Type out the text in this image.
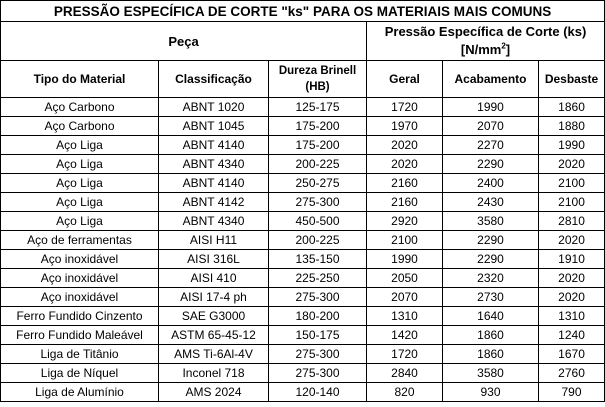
PRESSÃO ESPECÍFICA DE CORTE "ks" PARA OS MATERIAIS MAIS COMUNS					
Peça			Pressão Específica de Corte (ks)
$[N/mm^2]$		

Tipo do Material	Classificação	Dureza Brinell (HB)	Geral	Acabamento	Desbaste
Aço Carbono	ABNT 1020	125-175	1720	1990	1860
Aço Carbono	ABNT 1045	175-200	1970	2070	1880
Aço Liga	ABNT 4140	175-200	2020	2270	1990
Aço Liga	ABNT 4340	200-225	2020	2290	2020
Aço Liga	ABNT 4140	250-275	2160	2400	2100
Aço Liga	ABNT 4142	275-300	2160	2430	2100
Aço Liga	ABNT 4340	450-500	2920	3580	2810
Aço de ferramentas	AISI H11	200-225	2100	2290	2020
Aço inoxidável	AISI 316L	135-150	1990	2290	1910
Aço inoxidável	AISI 410	225-250	2050	2320	2020
Aço inoxidável	AISI 17-4 ph	275-300	2070	2730	2020
Ferro Fundido Cinzento	SAE G3000	180-200	1310	1640	1310
Ferro Fundido Maleável	ASTM 65-45-12	150-175	1420	1860	1240
Liga de Titânio	AMS Ti-6Al-4V	275-300	1720	1860	1670
Liga de Níquel	Inconel 718	275-300	2840	3580	2760
Liga de Alumínio	AMS 2024	120-140	820	930	790
